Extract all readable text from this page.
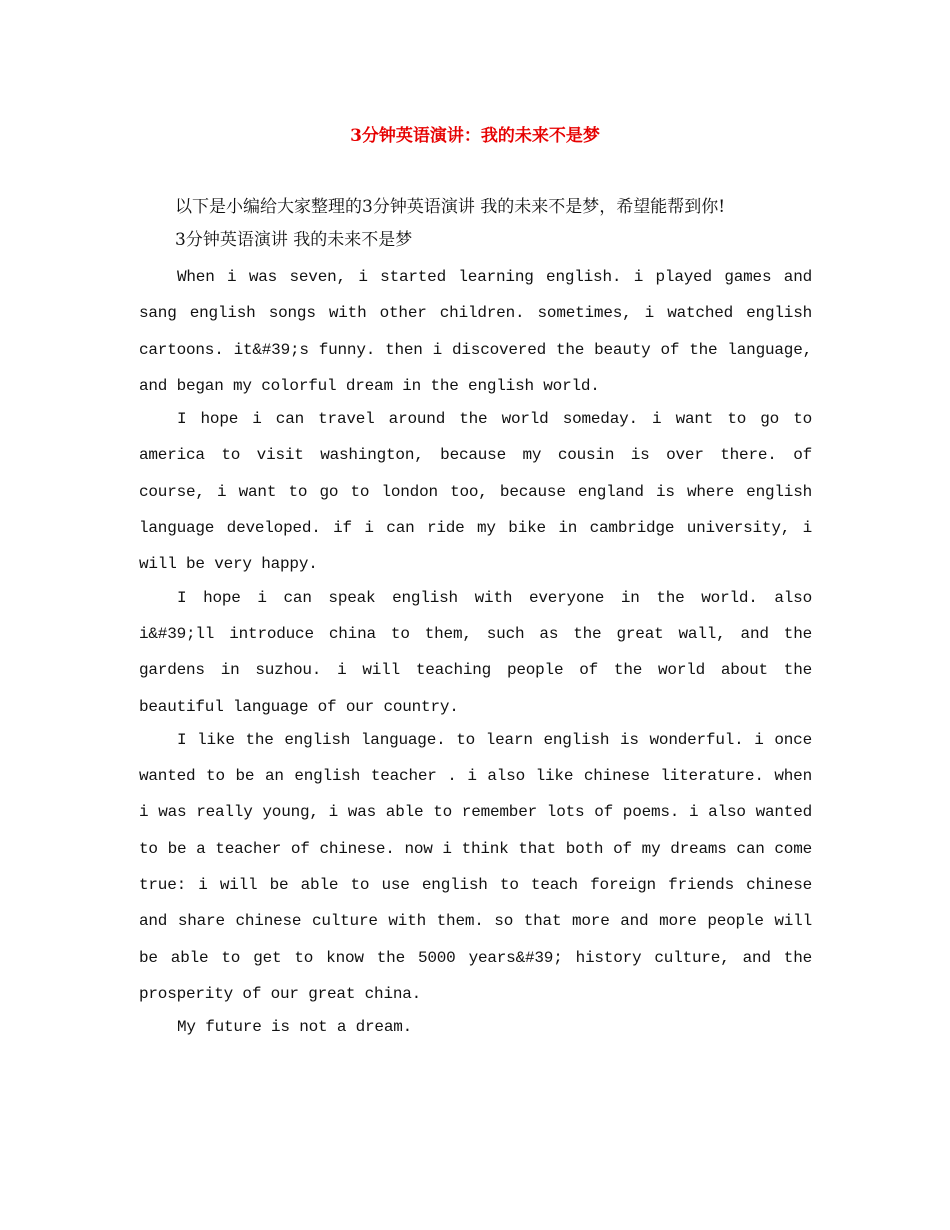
3分钟英语演讲：我的未来不是梦

以下是小编给大家整理的3分钟英语演讲 我的未来不是梦，希望能帮到你!

3分钟英语演讲 我的未来不是梦

When i was seven, i started learning english. i played games and sang english songs with other children. sometimes, i watched english cartoons. it&#39;s funny. then i discovered the beauty of the language, and began my colorful dream in the english world.

I hope i can travel around the world someday. i want to go to america to visit washington, because my cousin is over there. of course, i want to go to london too, because england is where english language developed. if i can ride my bike in cambridge university, i will be very happy.

I hope i can speak english with everyone in the world. also i&#39;ll introduce china to them, such as the great wall, and the gardens in suzhou. i will teaching people of the world about the beautiful language of our country.

I like the english language. to learn english is wonderful. i once wanted to be an english teacher . i also like chinese literature. when i was really young, i was able to remember lots of poems. i also wanted to be a teacher of chinese. now i think that both of my dreams can come true: i will be able to use english to teach foreign friends chinese and share chinese culture with them. so that more and more people will be able to get to know the 5000 years&#39; history culture, and the prosperity of our great china.

My future is not a dream.
